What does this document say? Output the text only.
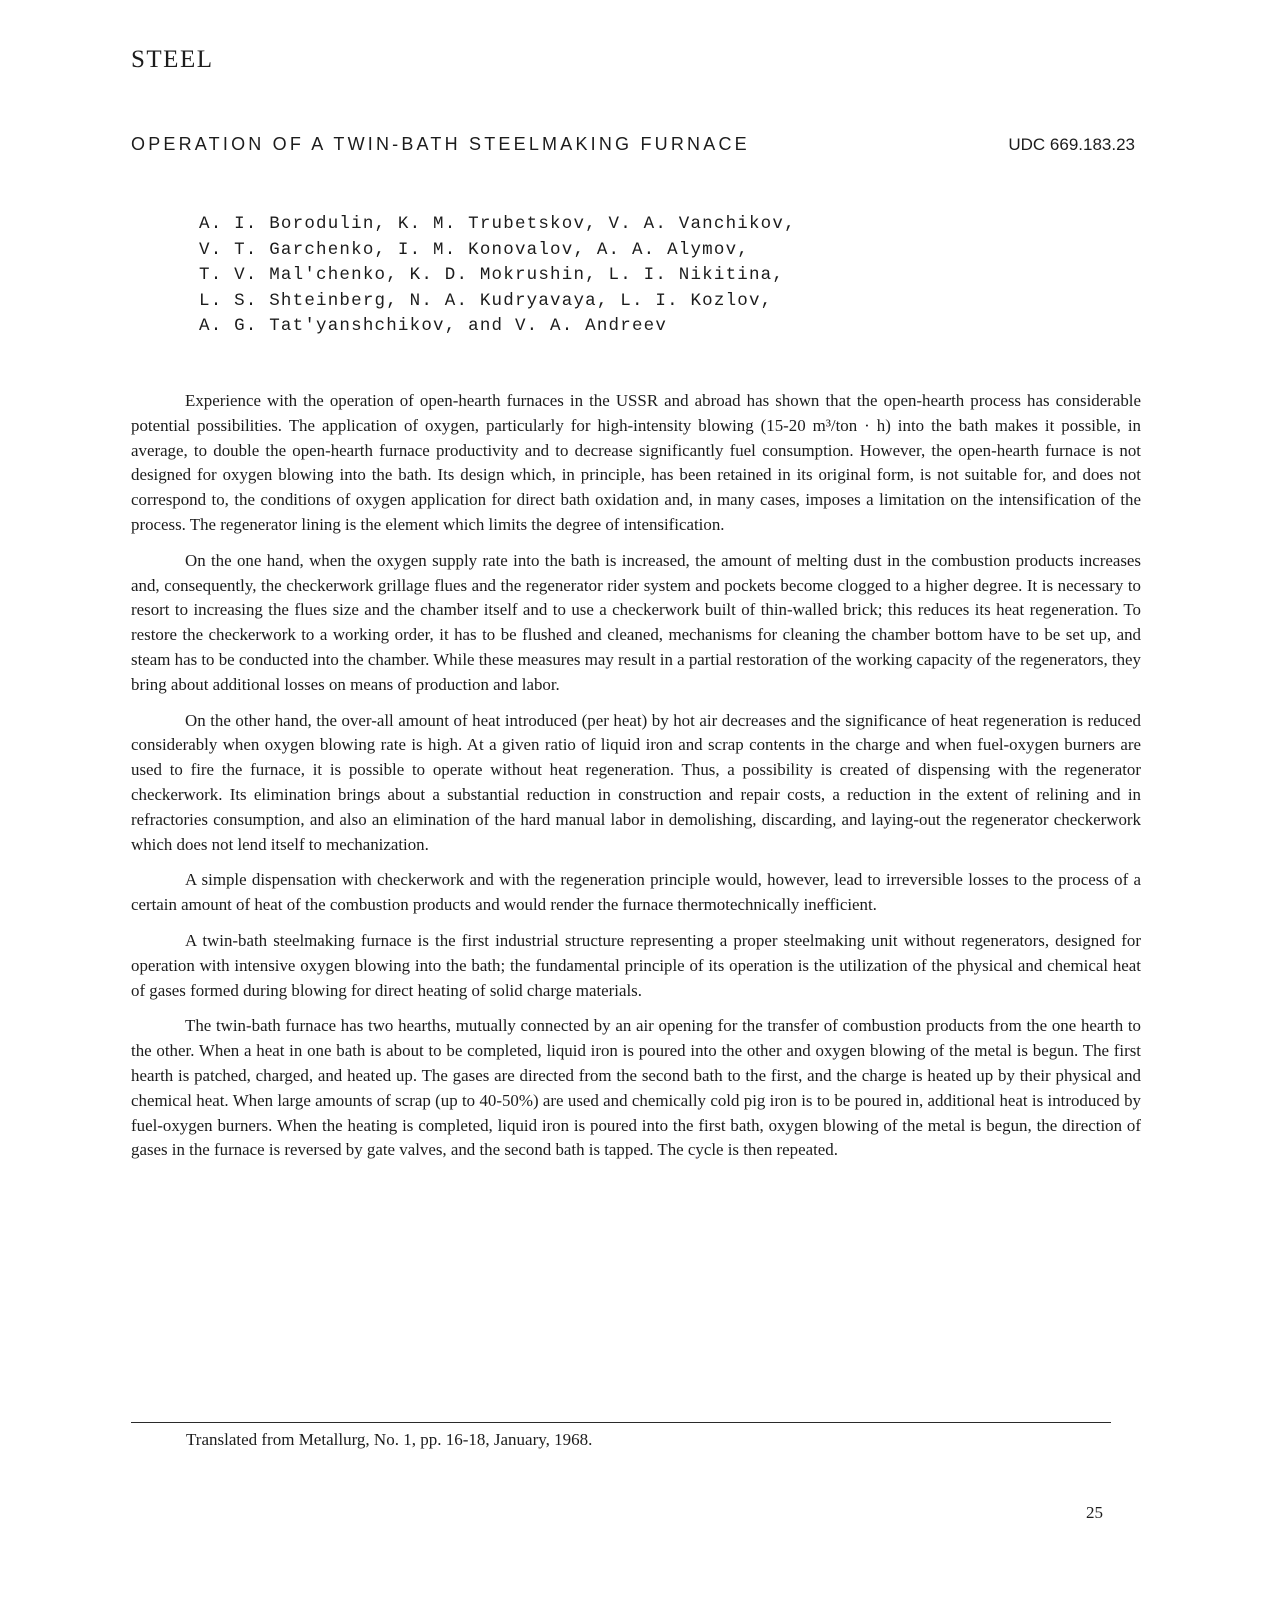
STEEL
OPERATION OF A TWIN-BATH STEELMAKING FURNACE	UDC 669.183.23
A. I. Borodulin, K. M. Trubetskov, V. A. Vanchikov,
V. T. Garchenko, I. M. Konovalov, A. A. Alymov,
T. V. Mal'chenko, K. D. Mokrushin, L. I. Nikitina,
L. S. Shteinberg, N. A. Kudryavaya, L. I. Kozlov,
A. G. Tat'yanshchikov, and V. A. Andreev

Experience with the operation of open-hearth furnaces in the USSR and abroad has shown that the open-hearth process has considerable potential possibilities. The application of oxygen, particularly for high-intensity blowing (15-20 m³/ton · h) into the bath makes it possible, in average, to double the open-hearth furnace productivity and to decrease significantly fuel consumption. However, the open-hearth furnace is not designed for oxygen blowing into the bath. Its design which, in principle, has been retained in its original form, is not suitable for, and does not correspond to, the conditions of oxygen application for direct bath oxidation and, in many cases, imposes a limitation on the intensification of the process. The regenerator lining is the element which limits the degree of intensification.

On the one hand, when the oxygen supply rate into the bath is increased, the amount of melting dust in the combustion products increases and, consequently, the checkerwork grillage flues and the regenerator rider system and pockets become clogged to a higher degree. It is necessary to resort to increasing the flues size and the chamber itself and to use a checkerwork built of thin-walled brick; this reduces its heat regeneration. To restore the checkerwork to a working order, it has to be flushed and cleaned, mechanisms for cleaning the chamber bottom have to be set up, and steam has to be conducted into the chamber. While these measures may result in a partial restoration of the working capacity of the regenerators, they bring about additional losses on means of production and labor.

On the other hand, the over-all amount of heat introduced (per heat) by hot air decreases and the significance of heat regeneration is reduced considerably when oxygen blowing rate is high. At a given ratio of liquid iron and scrap contents in the charge and when fuel-oxygen burners are used to fire the furnace, it is possible to operate without heat regeneration. Thus, a possibility is created of dispensing with the regenerator checkerwork. Its elimination brings about a substantial reduction in construction and repair costs, a reduction in the extent of relining and in refractories consumption, and also an elimination of the hard manual labor in demolishing, discarding, and laying-out the regenerator checkerwork which does not lend itself to mechanization.

A simple dispensation with checkerwork and with the regeneration principle would, however, lead to irreversible losses to the process of a certain amount of heat of the combustion products and would render the furnace thermotechnically inefficient.

A twin-bath steelmaking furnace is the first industrial structure representing a proper steelmaking unit without regenerators, designed for operation with intensive oxygen blowing into the bath; the fundamental principle of its operation is the utilization of the physical and chemical heat of gases formed during blowing for direct heating of solid charge materials.

The twin-bath furnace has two hearths, mutually connected by an air opening for the transfer of combustion products from the one hearth to the other. When a heat in one bath is about to be completed, liquid iron is poured into the other and oxygen blowing of the metal is begun. The first hearth is patched, charged, and heated up. The gases are directed from the second bath to the first, and the charge is heated up by their physical and chemical heat. When large amounts of scrap (up to 40-50%) are used and chemically cold pig iron is to be poured in, additional heat is introduced by fuel-oxygen burners. When the heating is completed, liquid iron is poured into the first bath, oxygen blowing of the metal is begun, the direction of gases in the furnace is reversed by gate valves, and the second bath is tapped. The cycle is then repeated.

Translated from Metallurg, No. 1, pp. 16-18, January, 1968.

25
